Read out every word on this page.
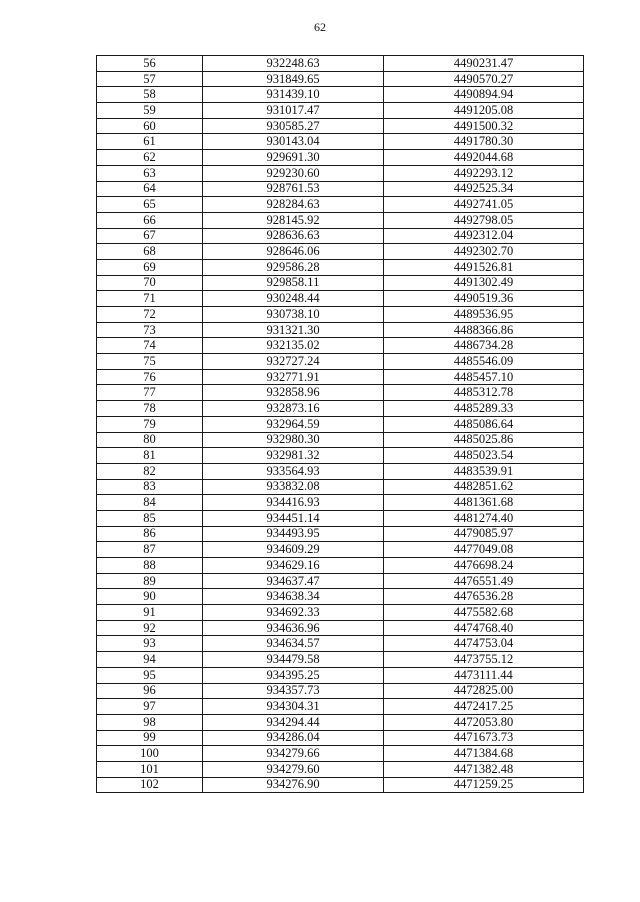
62
56	932248.63	4490231.47
57	931849.65	4490570.27
58	931439.10	4490894.94
59	931017.47	4491205.08
60	930585.27	4491500.32
61	930143.04	4491780.30
62	929691.30	4492044.68
63	929230.60	4492293.12
64	928761.53	4492525.34
65	928284.63	4492741.05
66	928145.92	4492798.05
67	928636.63	4492312.04
68	928646.06	4492302.70
69	929586.28	4491526.81
70	929858.11	4491302.49
71	930248.44	4490519.36
72	930738.10	4489536.95
73	931321.30	4488366.86
74	932135.02	4486734.28
75	932727.24	4485546.09
76	932771.91	4485457.10
77	932858.96	4485312.78
78	932873.16	4485289.33
79	932964.59	4485086.64
80	932980.30	4485025.86
81	932981.32	4485023.54
82	933564.93	4483539.91
83	933832.08	4482851.62
84	934416.93	4481361.68
85	934451.14	4481274.40
86	934493.95	4479085.97
87	934609.29	4477049.08
88	934629.16	4476698.24
89	934637.47	4476551.49
90	934638.34	4476536.28
91	934692.33	4475582.68
92	934636.96	4474768.40
93	934634.57	4474753.04
94	934479.58	4473755.12
95	934395.25	4473111.44
96	934357.73	4472825.00
97	934304.31	4472417.25
98	934294.44	4472053.80
99	934286.04	4471673.73
100	934279.66	4471384.68
101	934279.60	4471382.48
102	934276.90	4471259.25
